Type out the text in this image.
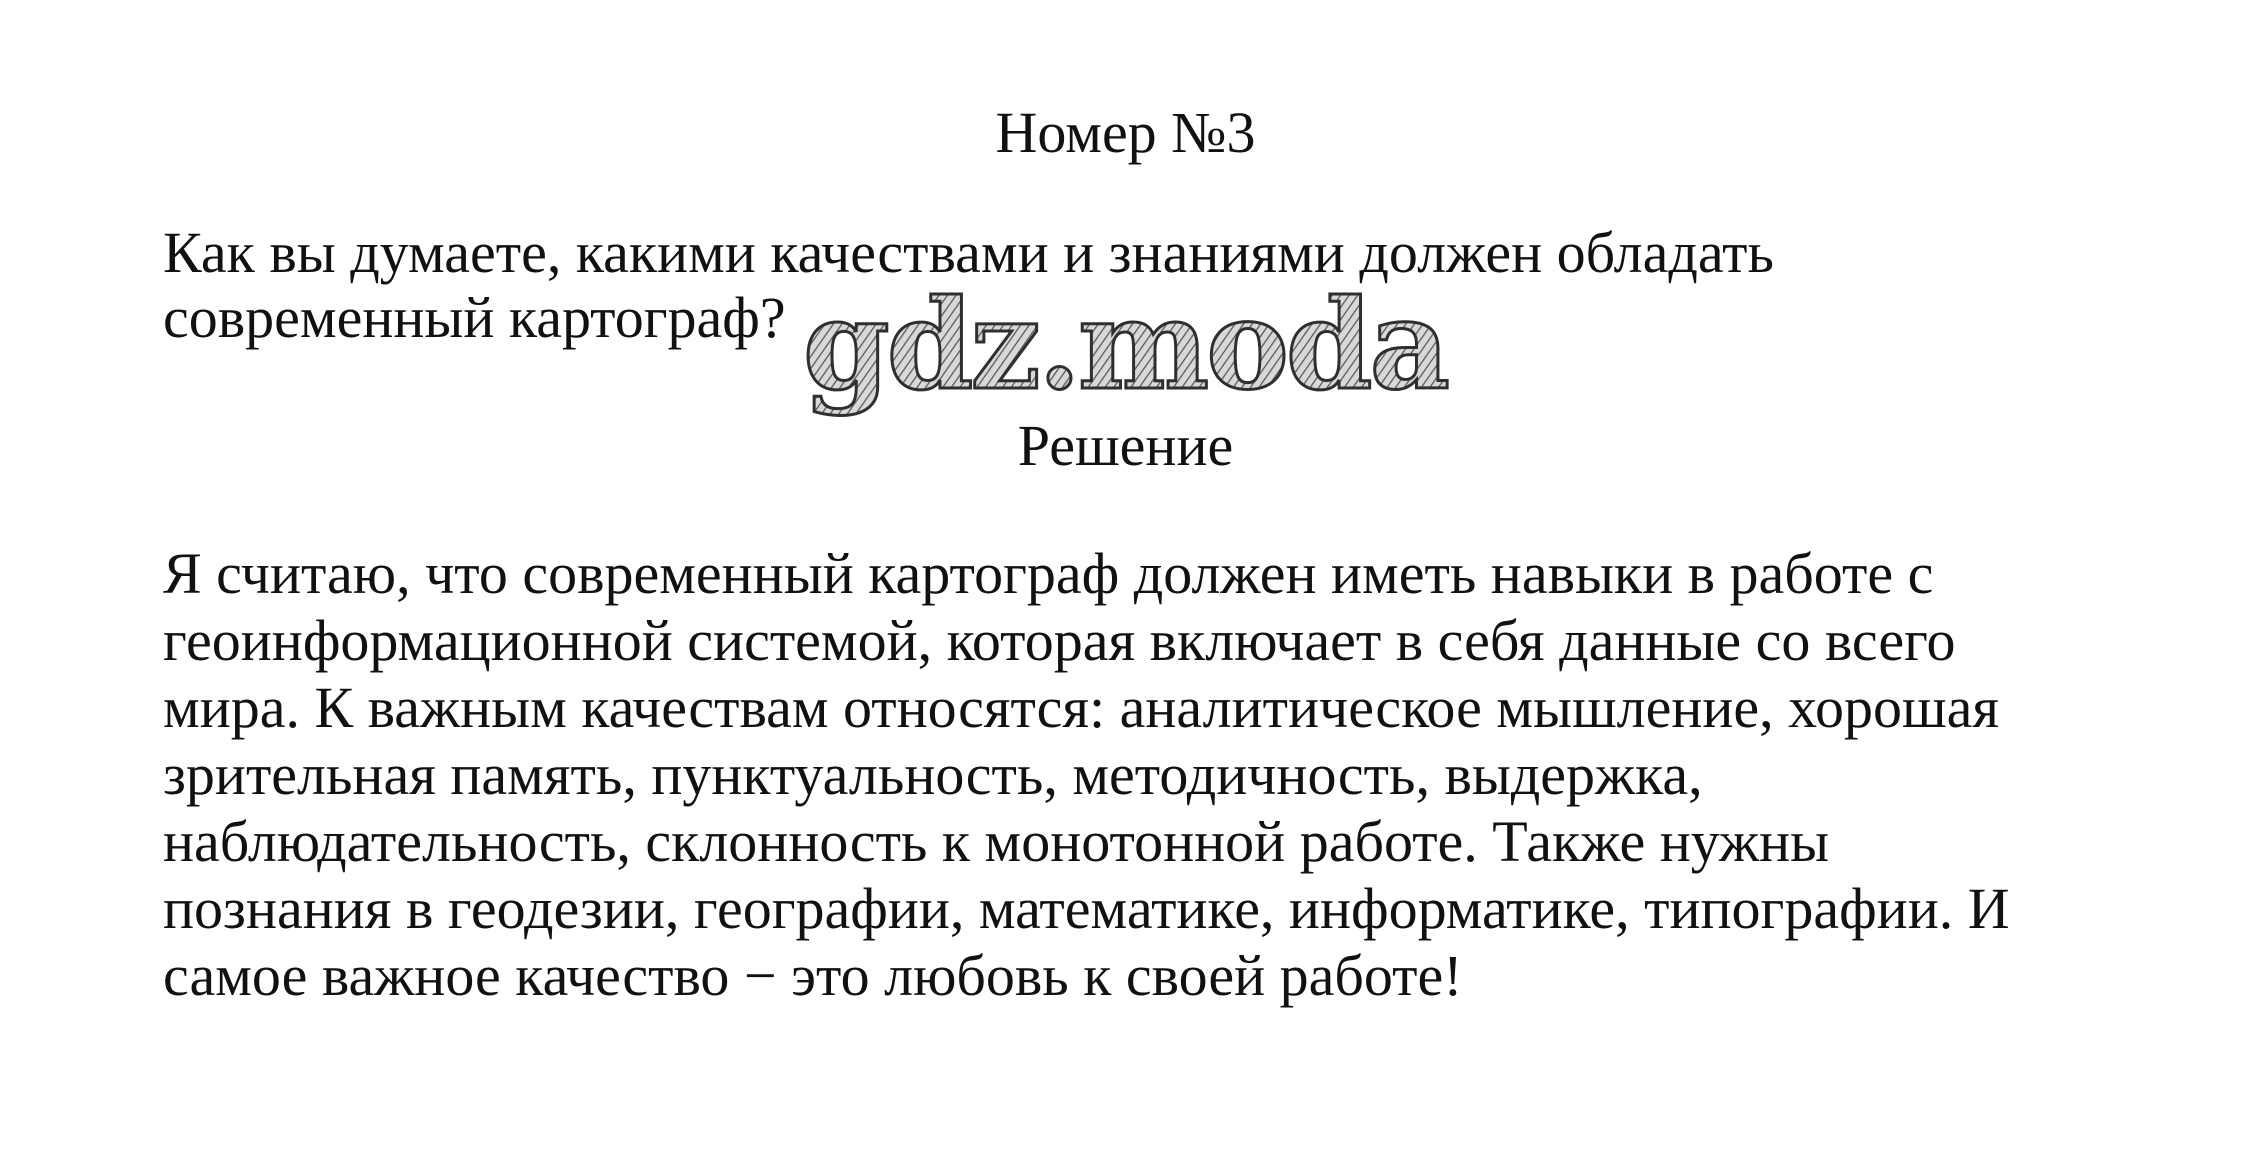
Номер №3
Как вы думаете, какими качествами и знаниями должен обладать
современный картограф? gdz.moda
Решение
Я считаю, что современный картограф должен иметь навыки в работе с
геоинформационной системой, которая включает в себя данные со всего
мира. К важным качествам относятся: аналитическое мышление, хорошая
зрительная память, пунктуальность, методичность, выдержка,
наблюдательность, склонность к монотонной работе. Также нужны
познания в геодезии, географии, математике, информатике, типографии. И
самое важное качество − это любовь к своей работе!
